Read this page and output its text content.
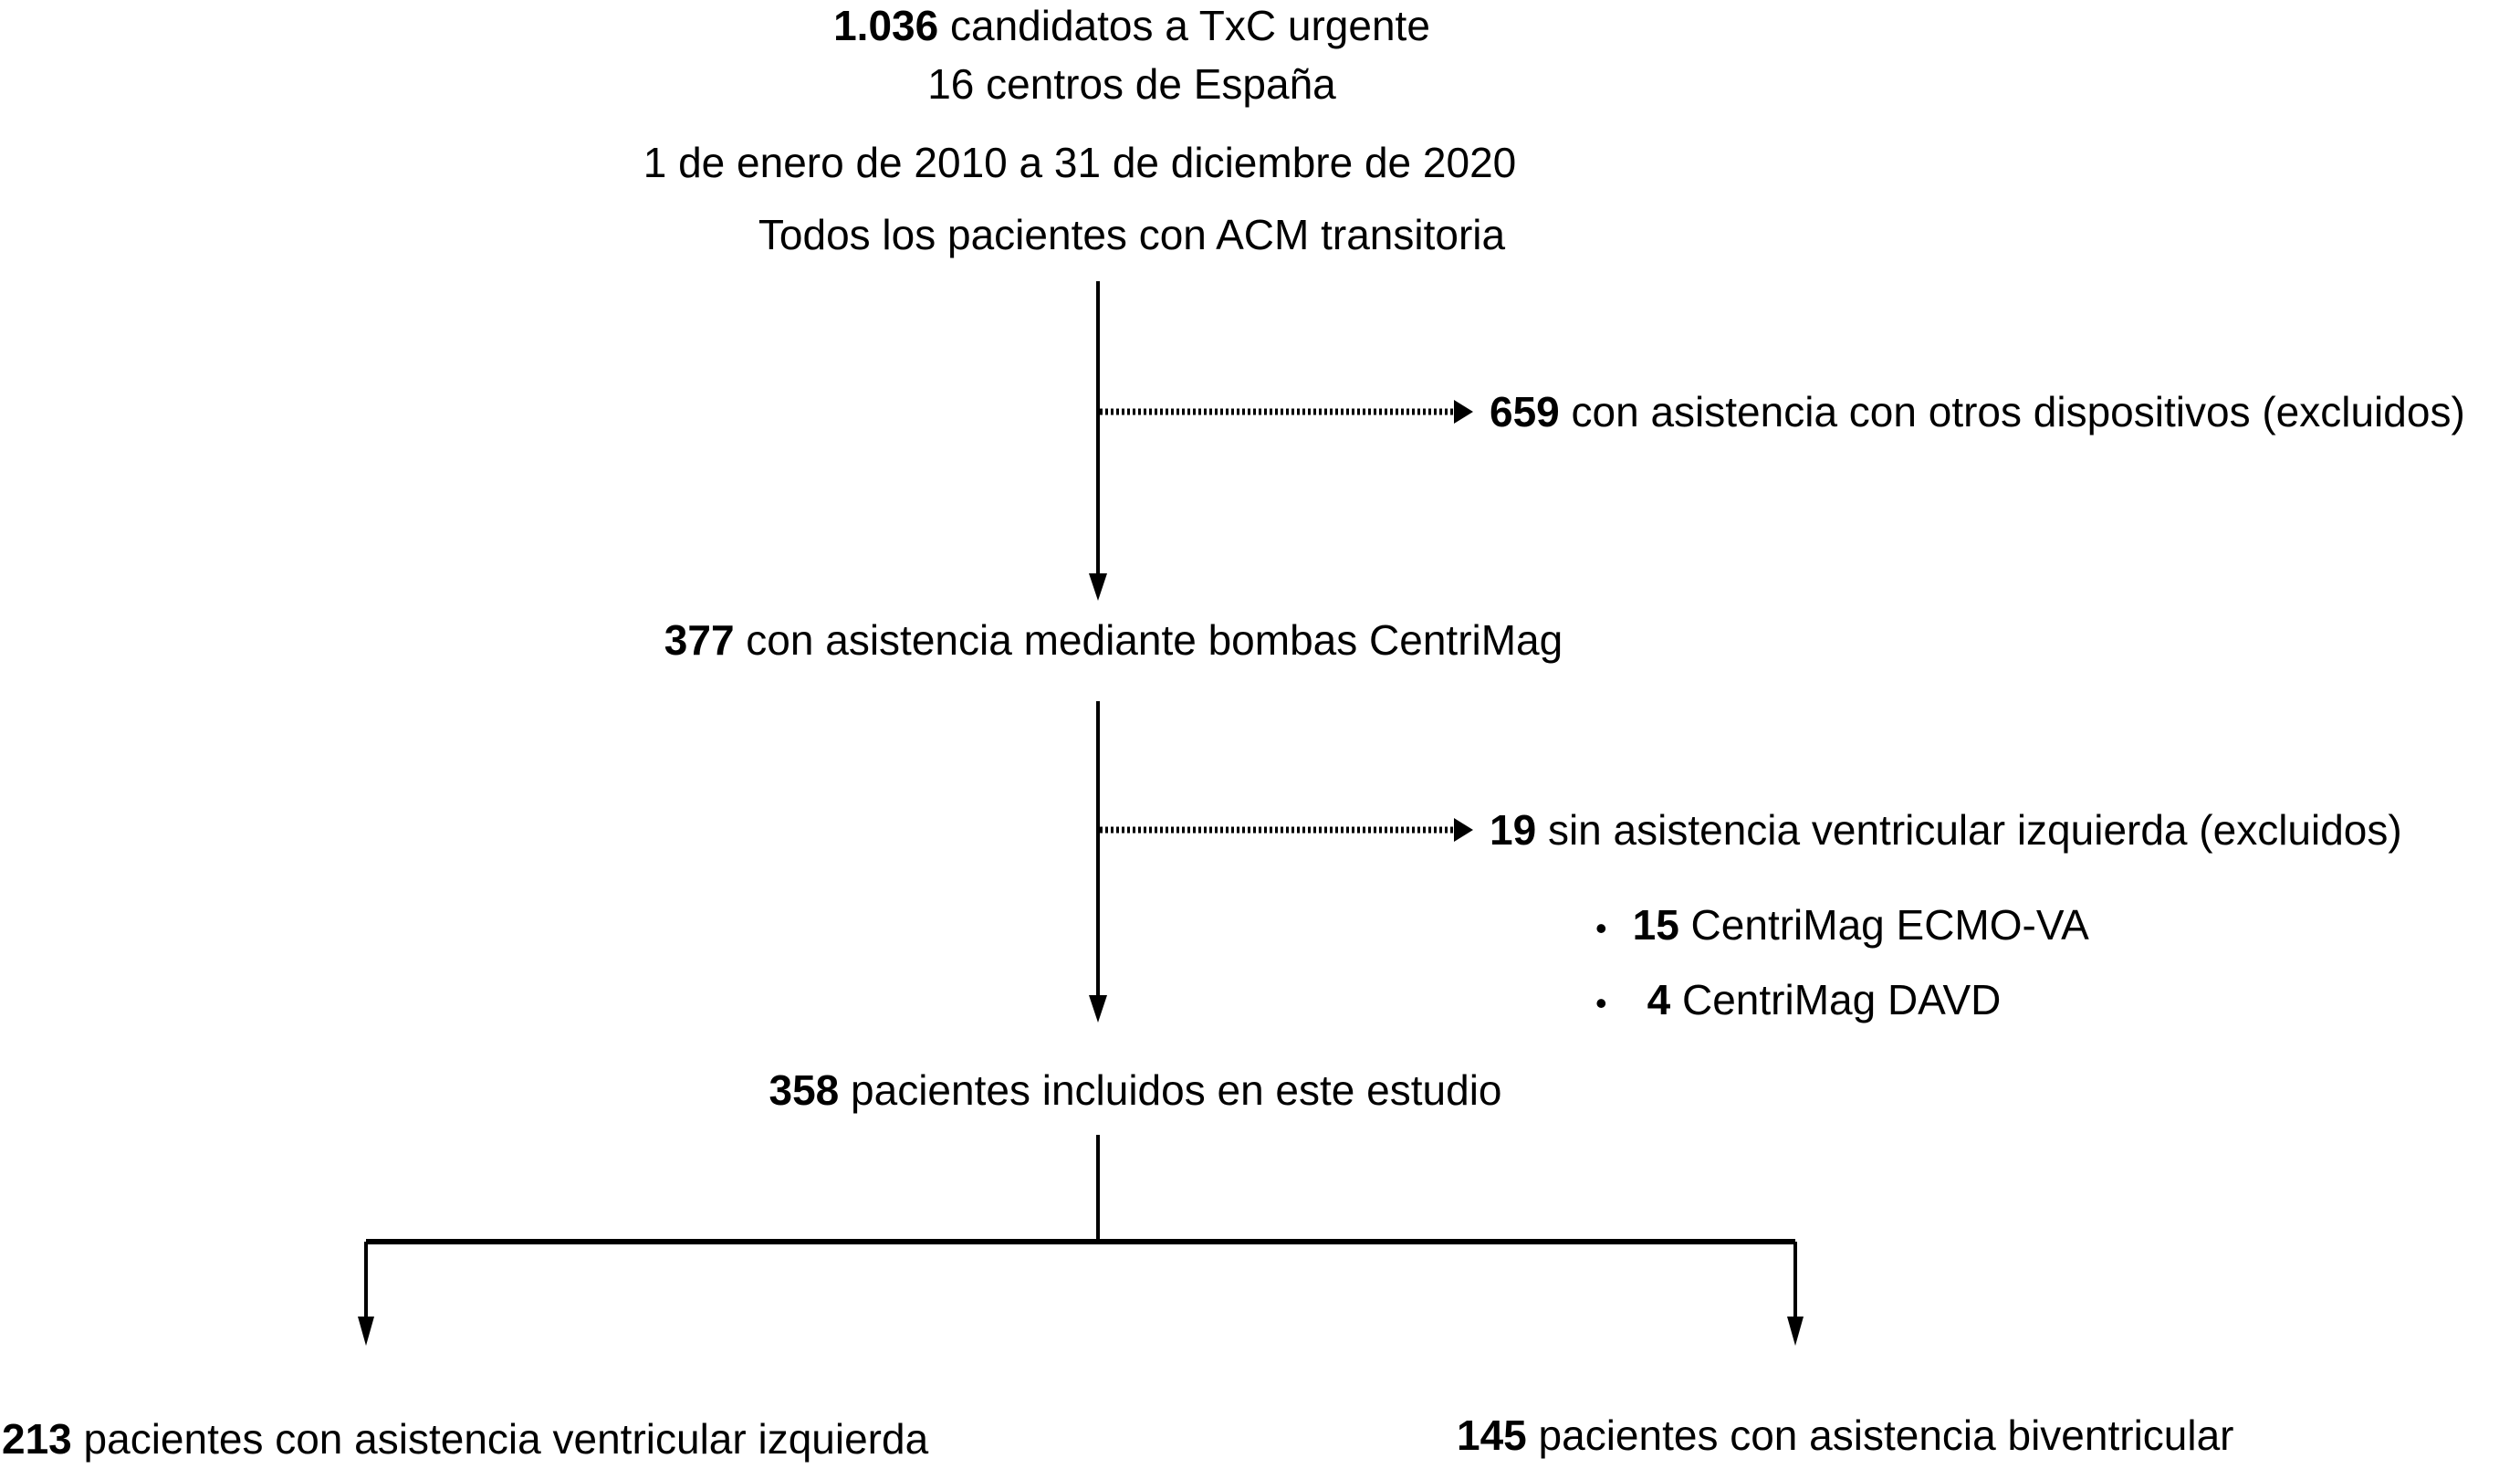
1.036 candidatos a TxC urgente
16 centros de España
1 de enero de 2010 a 31 de diciembre de 2020
Todos los pacientes con ACM transitoria
659 con asistencia con otros dispositivos (excluidos)
377 con asistencia mediante bombas CentriMag
19 sin asistencia ventricular izquierda (excluidos)
• 15 CentriMag ECMO-VA
• 4 CentriMag DAVD
358 pacientes incluidos en este estudio
213 pacientes con asistencia ventricular izquierda	145 pacientes con asistencia biventricular
